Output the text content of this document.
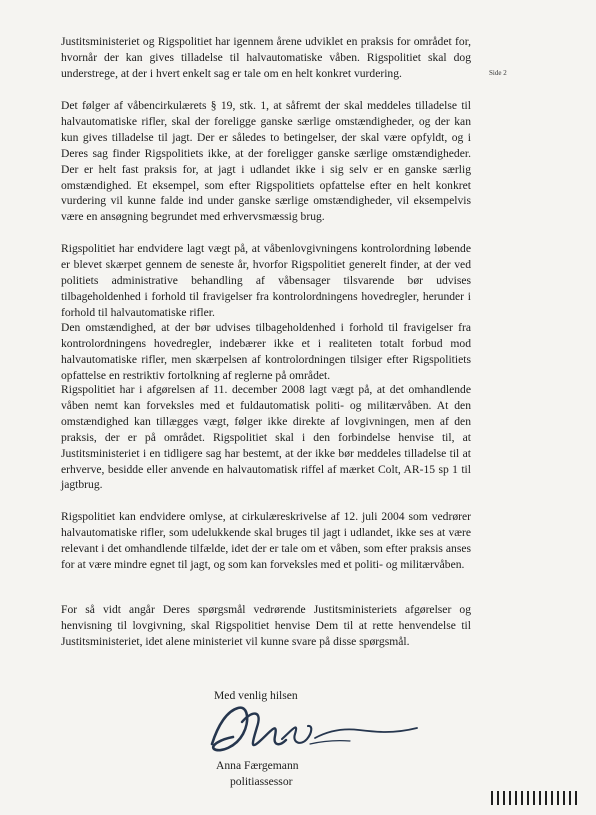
Side 2
Justitsministeriet og Rigspolitiet har igennem årene udviklet en praksis for området for, hvornår der kan gives tilladelse til halvautomatiske våben. Rigspolitiet skal dog understrege, at der i hvert enkelt sag er tale om en helt konkret vurdering.
Det følger af våbencirkulærets § 19, stk. 1, at såfremt der skal meddeles tilladelse til halvautomatiske rifler, skal der foreligge ganske særlige omstændigheder, og der kan kun gives tilladelse til jagt. Der er således to betingelser, der skal være opfyldt, og i Deres sag finder Rigspolitiets ikke, at der foreligger ganske særlige omstændigheder. Der er helt fast praksis for, at jagt i udlandet ikke i sig selv er en ganske særlig omstændighed. Et eksempel, som efter Rigspolitiets opfattelse efter en helt konkret vurdering vil kunne falde ind under ganske særlige omstændigheder, vil eksempelvis være en ansøgning begrundet med erhvervsmæssig brug.
Rigspolitiet har endvidere lagt vægt på, at våbenlovgivningens kontrolordning løbende er blevet skærpet gennem de seneste år, hvorfor Rigspolitiet generelt finder, at der ved politiets administrative behandling af våbensager tilsvarende bør udvises tilbageholdenhed i forhold til fravigelser fra kontrolordningens hovedregler, herunder i forhold til halvautomatiske rifler.
Den omstændighed, at der bør udvises tilbageholdenhed i forhold til fravigelser fra kontrolordningens hovedregler, indebærer ikke et i realiteten totalt forbud mod halvautomatiske rifler, men skærpelsen af kontrolordningen tilsiger efter Rigspolitiets opfattelse en restriktiv fortolkning af reglerne på området.
Rigspolitiet har i afgørelsen af 11. december 2008 lagt vægt på, at det omhandlende våben nemt kan forveksles med et fuldautomatisk politi- og militærvåben. At den omstændighed kan tillægges vægt, følger ikke direkte af lovgivningen, men af den praksis, der er på området. Rigspolitiet skal i den forbindelse henvise til, at Justitsministeriet i en tidligere sag har bestemt, at der ikke bør meddeles tilladelse til at erhverve, besidde eller anvende en halvautomatisk riffel af mærket Colt, AR-15 sp 1 til jagtbrug.
Rigspolitiet kan endvidere omlyse, at cirkulæreskrivelse af 12. juli 2004 som vedrører halvautomatiske rifler, som udelukkende skal bruges til jagt i udlandet, ikke ses at være relevant i det omhandlende tilfælde, idet der er tale om et våben, som efter praksis anses for at være mindre egnet til jagt, og som kan forveksles med et politi- og militærvåben.
For så vidt angår Deres spørgsmål vedrørende Justitsministeriets afgørelser og henvisning til lovgivning, skal Rigspolitiet henvise Dem til at rette henvendelse til Justitsministeriet, idet alene ministeriet vil kunne svare på disse spørgsmål.
Med venlig hilsen
Anna Færgemann
politiassessor
